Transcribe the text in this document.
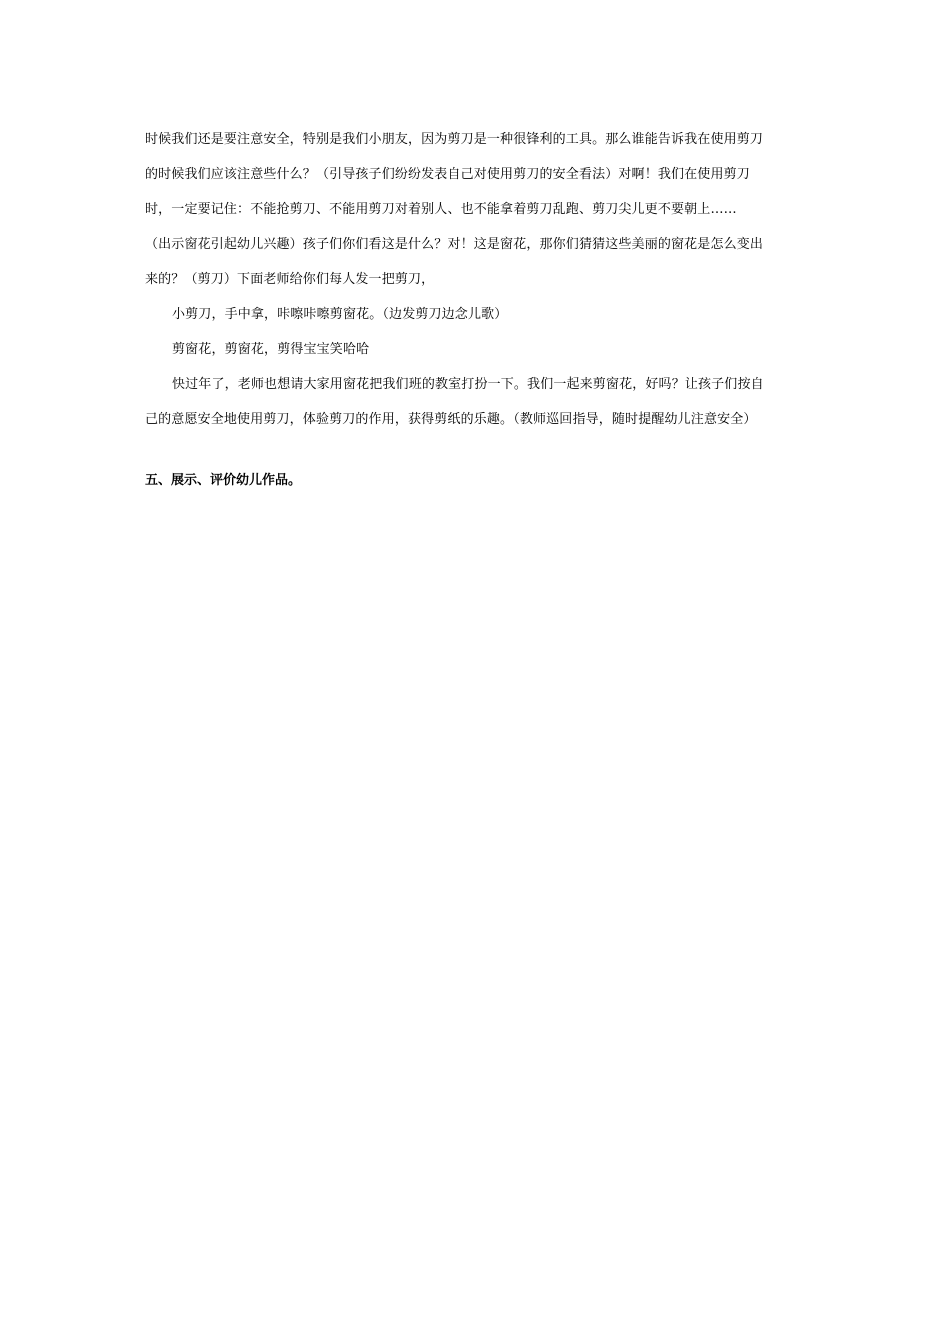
时候我们还是要注意安全，特别是我们小朋友，因为剪刀是一种很锋利的工具。那么谁能告诉我在使用剪刀
的时候我们应该注意些什么？（引导孩子们纷纷发表自己对使用剪刀的安全看法）对啊！我们在使用剪刀
时，一定要记住：不能抢剪刀、不能用剪刀对着别人、也不能拿着剪刀乱跑、剪刀尖儿更不要朝上……
（出示窗花引起幼儿兴趣）孩子们你们看这是什么？对！这是窗花，那你们猜猜这些美丽的窗花是怎么变出
来的？（剪刀）下面老师给你们每人发一把剪刀，
小剪刀，手中拿，咔嚓咔嚓剪窗花。（边发剪刀边念儿歌）
剪窗花，剪窗花，剪得宝宝笑哈哈
快过年了，老师也想请大家用窗花把我们班的教室打扮一下。我们一起来剪窗花，好吗？让孩子们按自
己的意愿安全地使用剪刀，体验剪刀的作用，获得剪纸的乐趣。（教师巡回指导，随时提醒幼儿注意安全）
五、展示、评价幼儿作品。
